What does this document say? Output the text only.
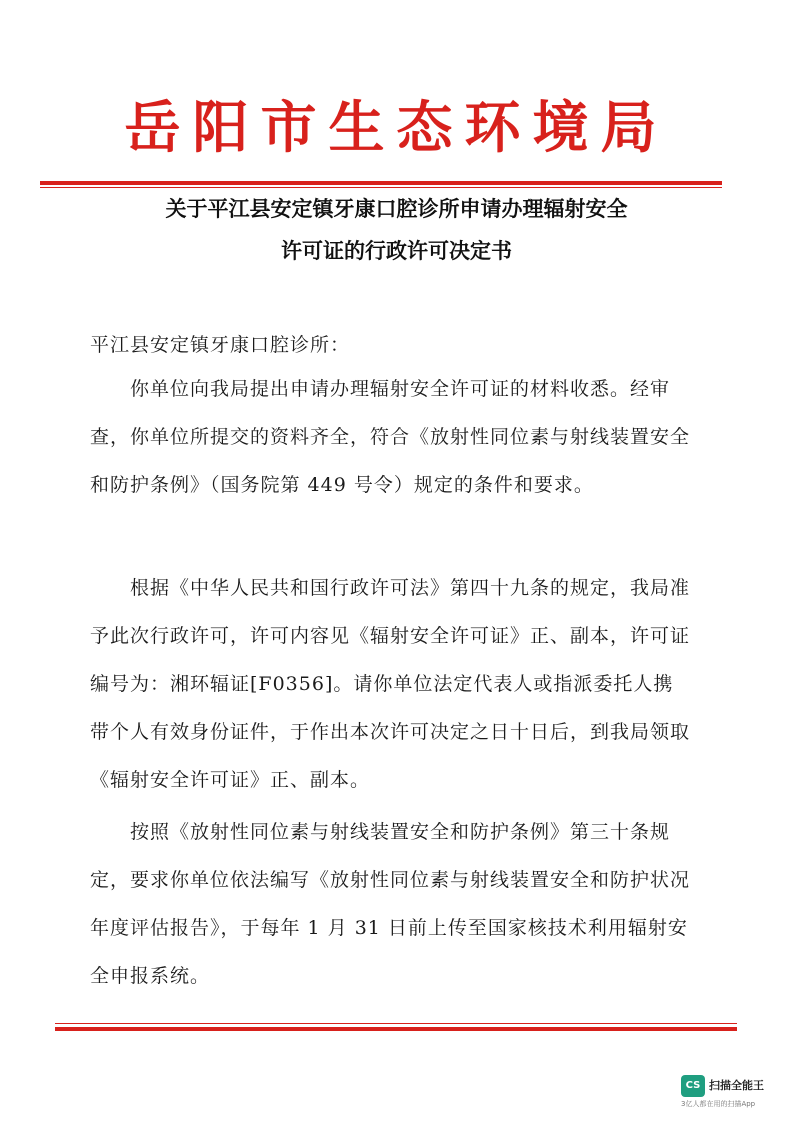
岳阳市生态环境局
关于平江县安定镇牙康口腔诊所申请办理辐射安全
许可证的行政许可决定书
平江县安定镇牙康口腔诊所：

你单位向我局提出申请办理辐射安全许可证的材料收悉。经审查，你单位所提交的资料齐全，符合《放射性同位素与射线装置安全和防护条例》（国务院第 449 号令）规定的条件和要求。

根据《中华人民共和国行政许可法》第四十九条的规定，我局准予此次行政许可，许可内容见《辐射安全许可证》正、副本，许可证编号为：湘环辐证[F0356]。请你单位法定代表人或指派委托人携带个人有效身份证件，于作出本次许可决定之日十日后，到我局领取《辐射安全许可证》正、副本。

按照《放射性同位素与射线装置安全和防护条例》第三十条规定，要求你单位依法编写《放射性同位素与射线装置安全和防护状况年度评估报告》，于每年 1 月 31 日前上传至国家核技术利用辐射安全申报系统。

CS 扫描全能王
3亿人都在用的扫描App
